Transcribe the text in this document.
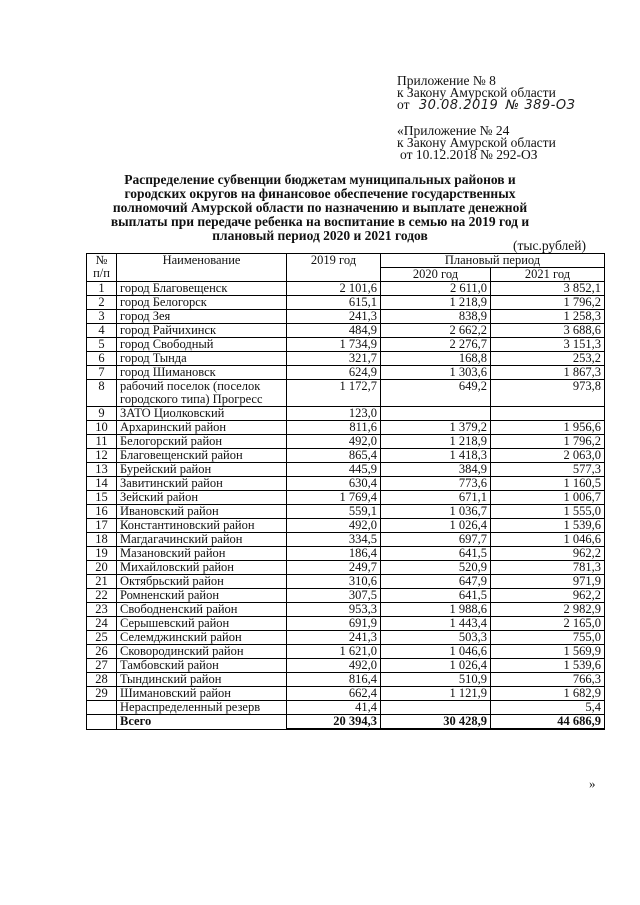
Приложение № 8
к Закону Амурской области
от 30.08.2019 № 389-ОЗ
«Приложение № 24
к Закону Амурской области
от 10.12.2018 № 292-ОЗ
Распределение субвенции бюджетам муниципальных районов и городских округов на финансовое обеспечение государственных полномочий Амурской области по назначению и выплате денежной выплаты при передаче ребенка на воспитание в семью на 2019 год и плановый период 2020 и 2021 годов
(тыс.рублей)
№
п/п	Наименование	2019 год	Плановый период	
			2020 год	2021 год
1	город Благовещенск	2 101,6	2 611,0	3 852,1
2	город Белогорск	615,1	1 218,9	1 796,2
3	город Зея	241,3	838,9	1 258,3
4	город Райчихинск	484,9	2 662,2	3 688,6
5	город Свободный	1 734,9	2 276,7	3 151,3
6	город Тында	321,7	168,8	253,2
7	город Шимановск	624,9	1 303,6	1 867,3
8	рабочий поселок (поселок городского типа) Прогресс	1 172,7	649,2	973,8
9	ЗАТО Циолковский	123,0		
10	Архаринский район	811,6	1 379,2	1 956,6
11	Белогорский район	492,0	1 218,9	1 796,2
12	Благовещенский район	865,4	1 418,3	2 063,0
13	Бурейский район	445,9	384,9	577,3
14	Завитинский район	630,4	773,6	1 160,5
15	Зейский район	1 769,4	671,1	1 006,7
16	Ивановский район	559,1	1 036,7	1 555,0
17	Константиновский район	492,0	1 026,4	1 539,6
18	Магдагачинский район	334,5	697,7	1 046,6
19	Мазановский район	186,4	641,5	962,2
20	Михайловский район	249,7	520,9	781,3
21	Октябрьский район	310,6	647,9	971,9
22	Ромненский район	307,5	641,5	962,2
23	Свободненский район	953,3	1 988,6	2 982,9
24	Серышевский район	691,9	1 443,4	2 165,0
25	Селемджинский район	241,3	503,3	755,0
26	Сковородинский район	1 621,0	1 046,6	1 569,9
27	Тамбовский район	492,0	1 026,4	1 539,6
28	Тындинский район	816,4	510,9	766,3
29	Шимановский район	662,4	1 121,9	1 682,9
	Нераспределенный резерв	41,4		5,4
	Всего	20 394,3	30 428,9	44 686,9
»
